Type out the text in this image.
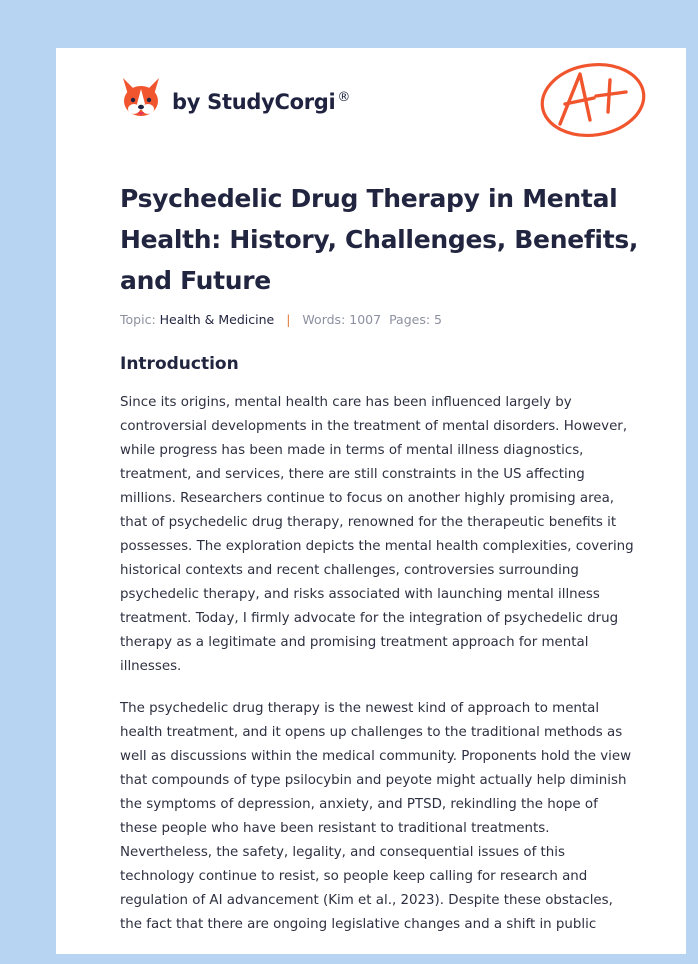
by StudyCorgi ®
Psychedelic Drug Therapy in Mental Health: History, Challenges, Benefits, and Future
Topic: Health & Medicine | Words: 1007 Pages: 5
Introduction

Since its origins, mental health care has been influenced largely by controversial developments in the treatment of mental disorders. However, while progress has been made in terms of mental illness diagnostics, treatment, and services, there are still constraints in the US affecting millions. Researchers continue to focus on another highly promising area, that of psychedelic drug therapy, renowned for the therapeutic benefits it possesses. The exploration depicts the mental health complexities, covering historical contexts and recent challenges, controversies surrounding psychedelic therapy, and risks associated with launching mental illness treatment. Today, I firmly advocate for the integration of psychedelic drug therapy as a legitimate and promising treatment approach for mental illnesses.

The psychedelic drug therapy is the newest kind of approach to mental health treatment, and it opens up challenges to the traditional methods as well as discussions within the medical community. Proponents hold the view that compounds of type psilocybin and peyote might actually help diminish the symptoms of depression, anxiety, and PTSD, rekindling the hope of these people who have been resistant to traditional treatments. Nevertheless, the safety, legality, and consequential issues of this technology continue to resist, so people keep calling for research and regulation of AI advancement (Kim et al., 2023). Despite these obstacles, the fact that there are ongoing legislative changes and a shift in public
